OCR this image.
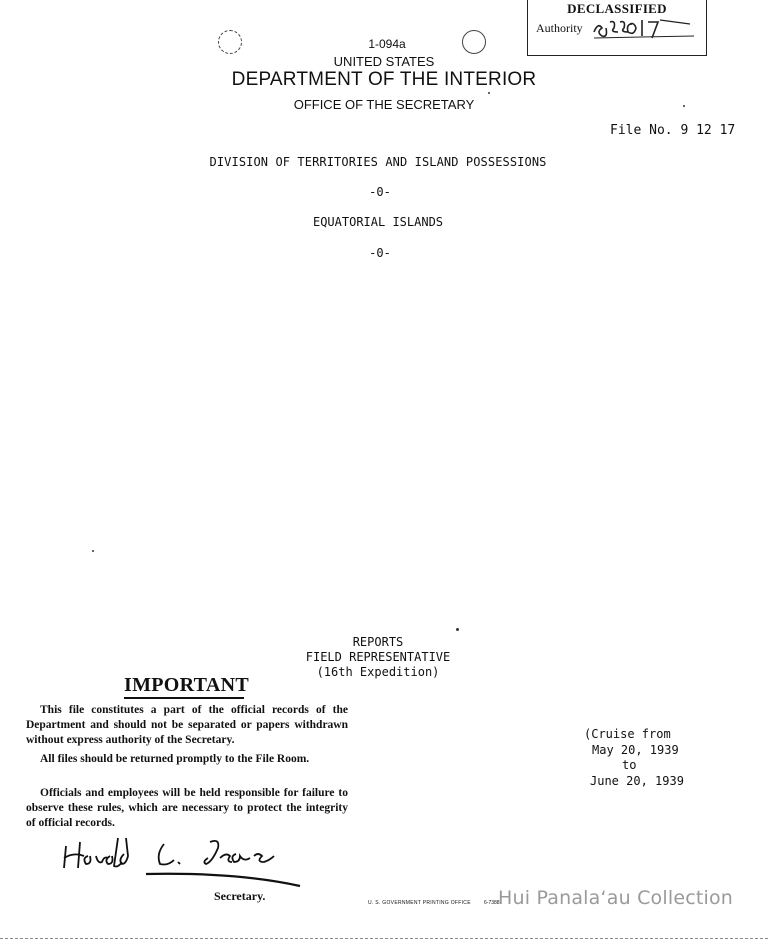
DECLASSIFIED
Authority
1-094a
UNITED STATES
DEPARTMENT OF THE INTERIOR
OFFICE OF THE SECRETARY
File No. 9 12 17
DIVISION OF TERRITORIES AND ISLAND POSSESSIONS
-0-
EQUATORIAL ISLANDS
-0-
REPORTS
FIELD REPRESENTATIVE
(16th Expedition)
IMPORTANT
This file constitutes a part of the official records of the Department and should not be separated or papers withdrawn without express authority of the Secretary.
All files should be returned promptly to the File Room.
Officials and employees will be held responsible for failure to observe these rules, which are necessary to protect the integrity of official records.
Secretary.
(Cruise from
May 20, 1939
to
June 20, 1939
U. S. GOVERNMENT PRINTING OFFICE	6-7388
Hui Panala‘au Collection
